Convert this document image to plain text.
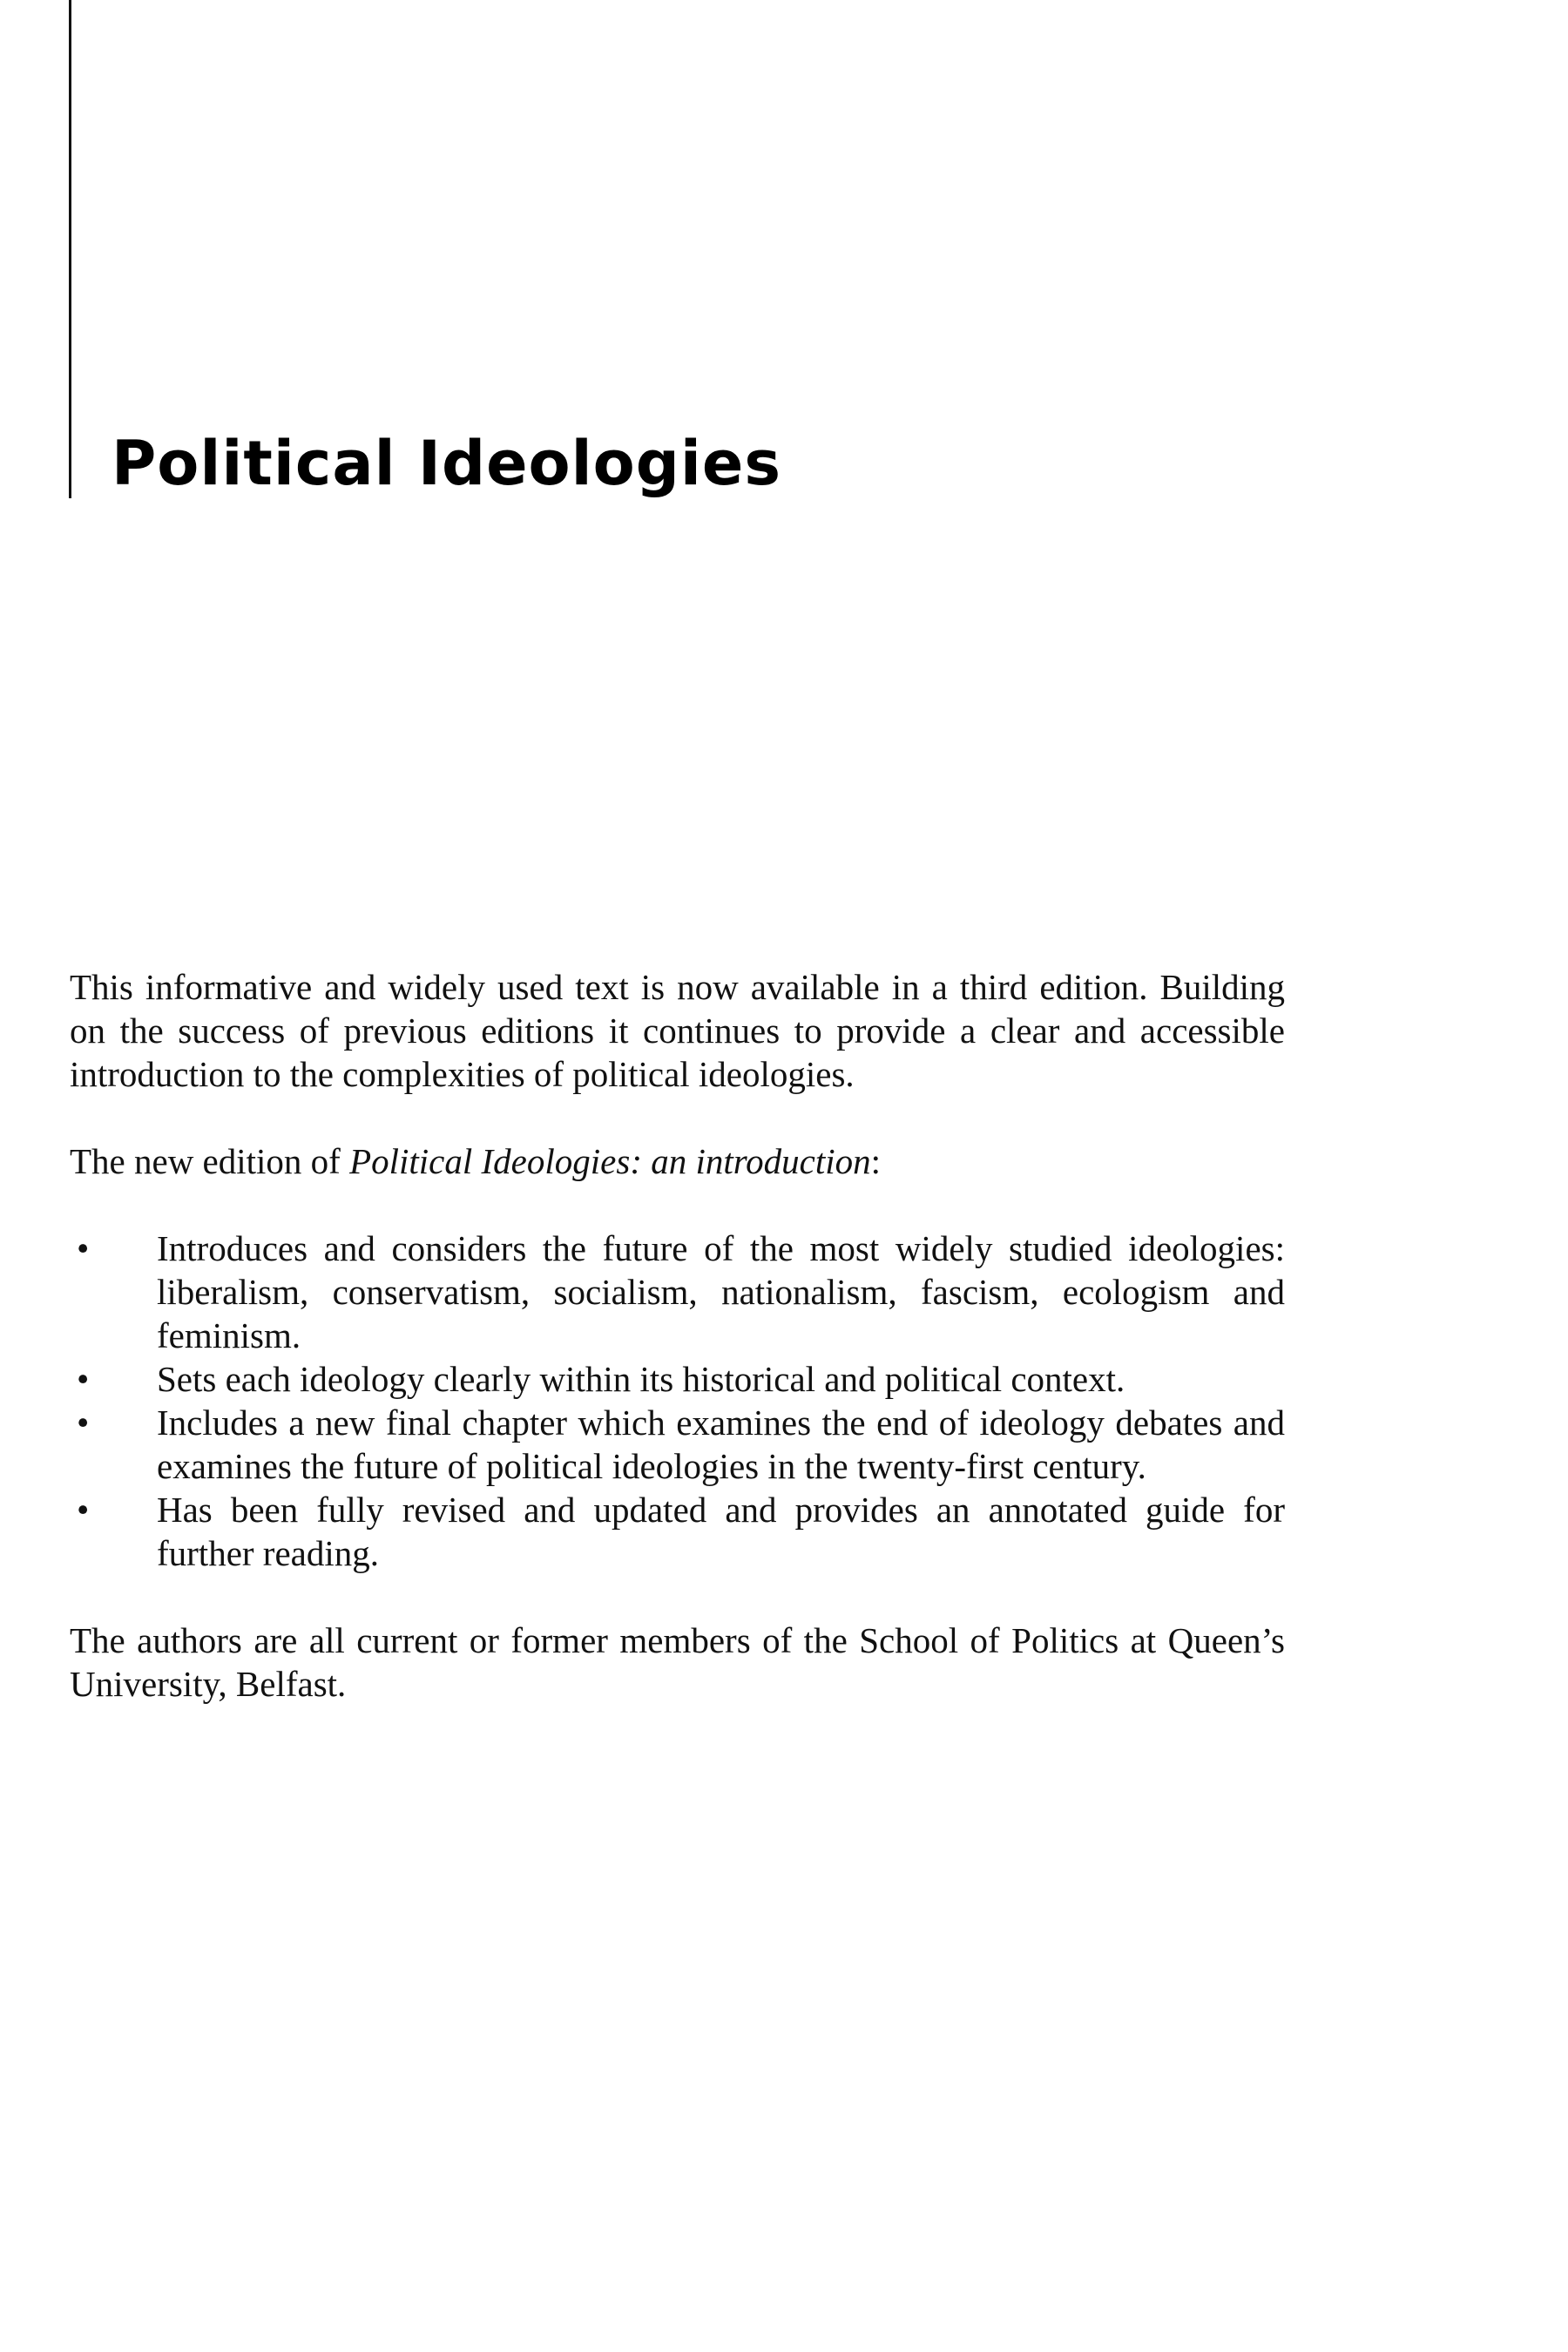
Political Ideologies

This informative and widely used text is now available in a third edition. Building on the success of previous editions it continues to provide a clear and accessible introduction to the complexities of political ideologies.

The new edition of Political Ideologies: an introduction:

• Introduces and considers the future of the most widely studied ideologies: liberalism, conservatism, socialism, nationalism, fascism, ecologism and feminism.
• Sets each ideology clearly within its historical and political context.
• Includes a new final chapter which examines the end of ideology debates and examines the future of political ideologies in the twenty-first century.
• Has been fully revised and updated and provides an annotated guide for further reading.

The authors are all current or former members of the School of Politics at Queen’s University, Belfast.
